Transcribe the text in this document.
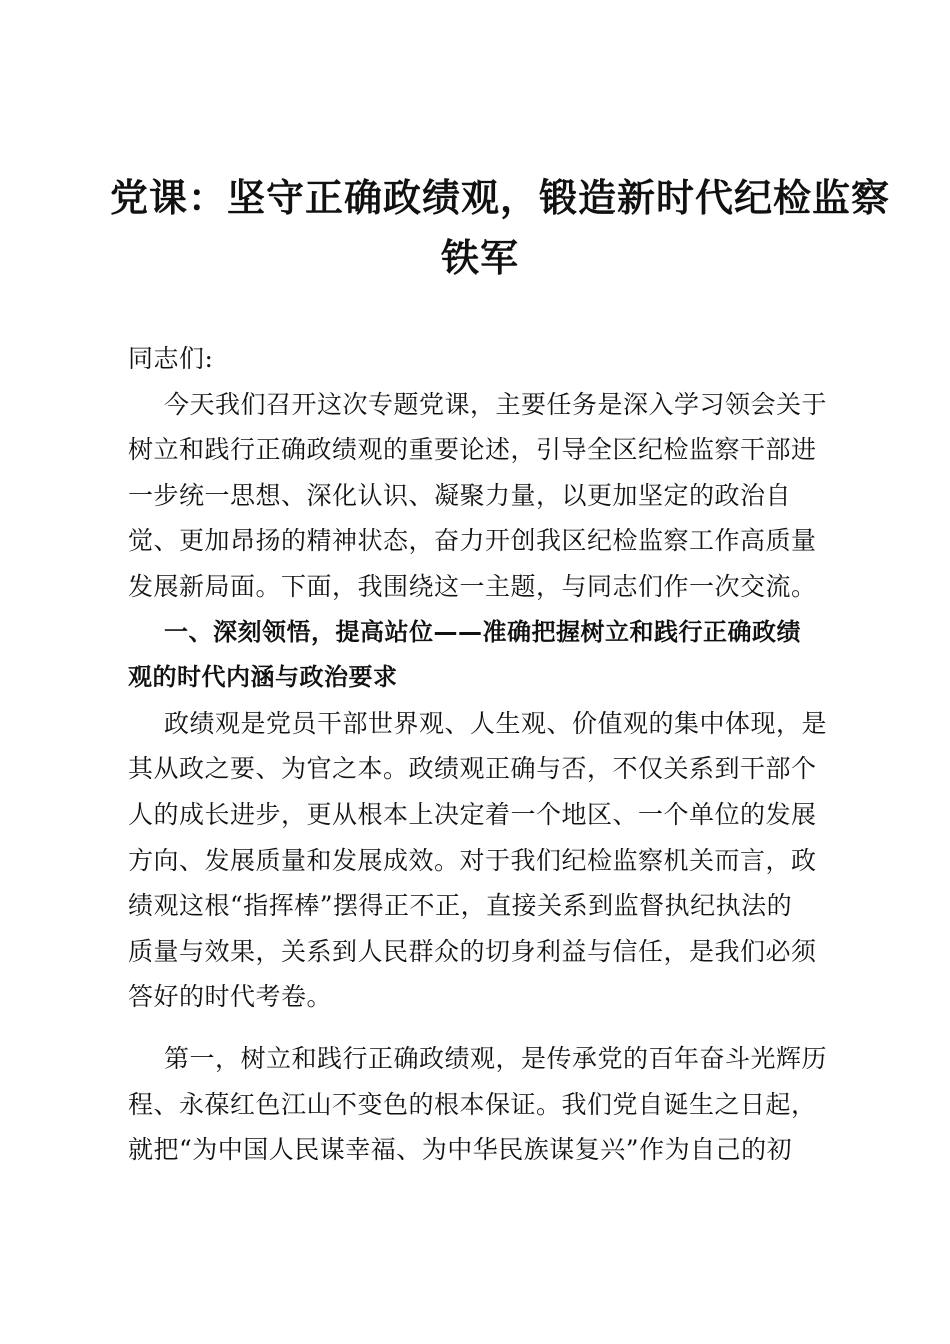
党课：坚守正确政绩观，锻造新时代纪检监察
铁军
同志们:
今天我们召开这次专题党课，主要任务是深入学习领会关于
树立和践行正确政绩观的重要论述，引导全区纪检监察干部进
一步统一思想、深化认识、凝聚力量，以更加坚定的政治自
觉、更加昂扬的精神状态，奋力开创我区纪检监察工作高质量
发展新局面。下面，我围绕这一主题，与同志们作一次交流。
一、深刻领悟，提高站位——准确把握树立和践行正确政绩
观的时代内涵与政治要求
政绩观是党员干部世界观、人生观、价值观的集中体现，是
其从政之要、为官之本。政绩观正确与否，不仅关系到干部个
人的成长进步，更从根本上决定着一个地区、一个单位的发展
方向、发展质量和发展成效。对于我们纪检监察机关而言，政
绩观这根“指挥棒”摆得正不正，直接关系到监督执纪执法的
质量与效果，关系到人民群众的切身利益与信任，是我们必须
答好的时代考卷。
第一，树立和践行正确政绩观，是传承党的百年奋斗光辉历
程、永葆红色江山不变色的根本保证。我们党自诞生之日起，
就把“为中国人民谋幸福、为中华民族谋复兴”作为自己的初
